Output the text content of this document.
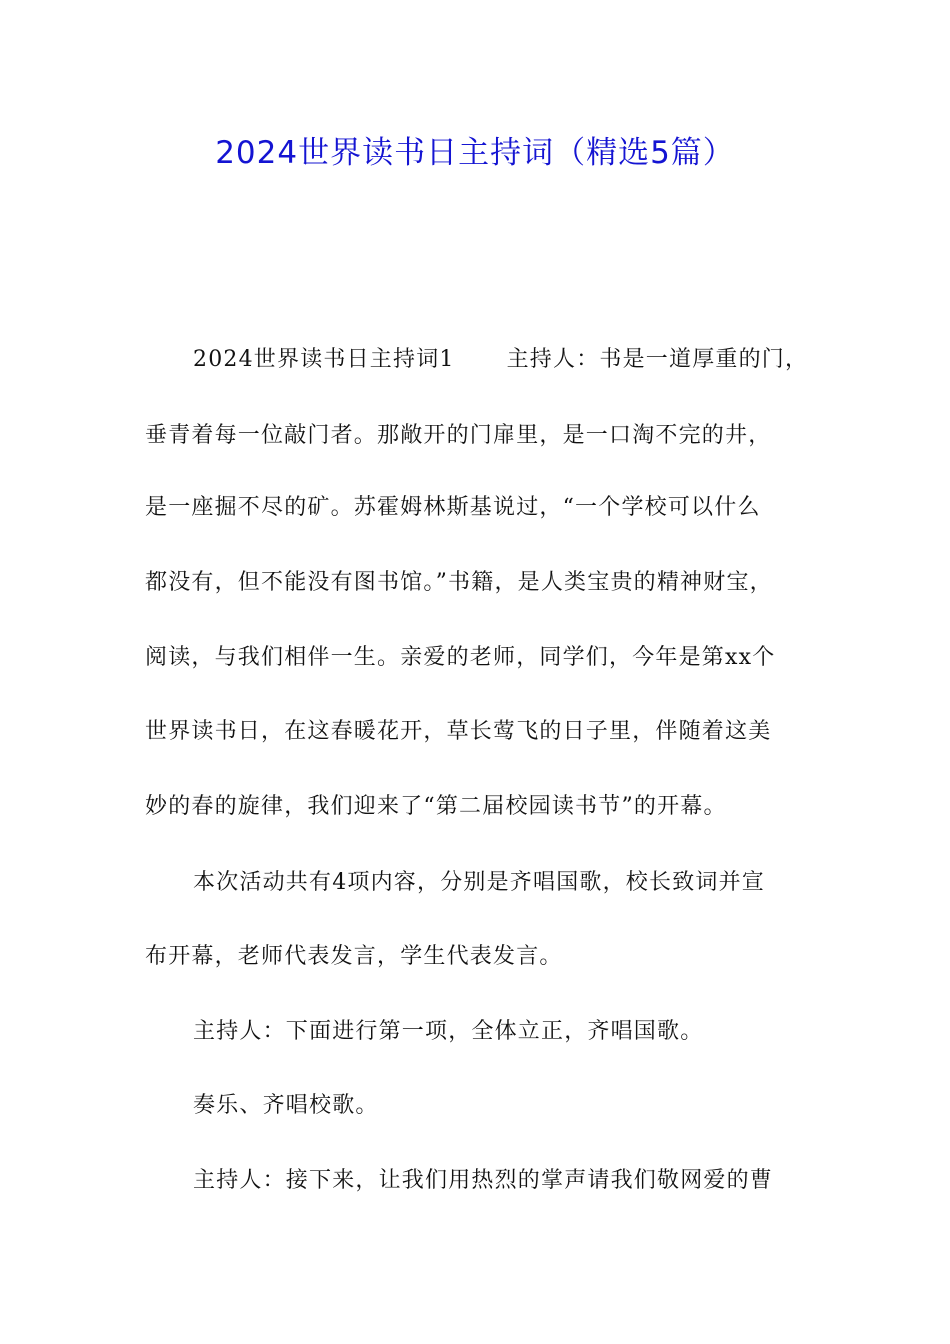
2024世界读书日主持词（精选5篇）
2024世界读书日主持词1 主持人：书是一道厚重的门，
垂青着每一位敲门者。那敞开的门扉里，是一口淘不完的井，
是一座掘不尽的矿。苏霍姆林斯基说过，“一个学校可以什么
都没有，但不能没有图书馆。”书籍，是人类宝贵的精神财宝，
阅读，与我们相伴一生。亲爱的老师，同学们，今年是第xx个
世界读书日，在这春暖花开，草长莺飞的日子里，伴随着这美
妙的春的旋律，我们迎来了“第二届校园读书节”的开幕。
本次活动共有4项内容，分别是齐唱国歌，校长致词并宣
布开幕，老师代表发言，学生代表发言。
主持人：下面进行第一项，全体立正，齐唱国歌。
奏乐、齐唱校歌。
主持人：接下来，让我们用热烈的掌声请我们敬网爱的曹
